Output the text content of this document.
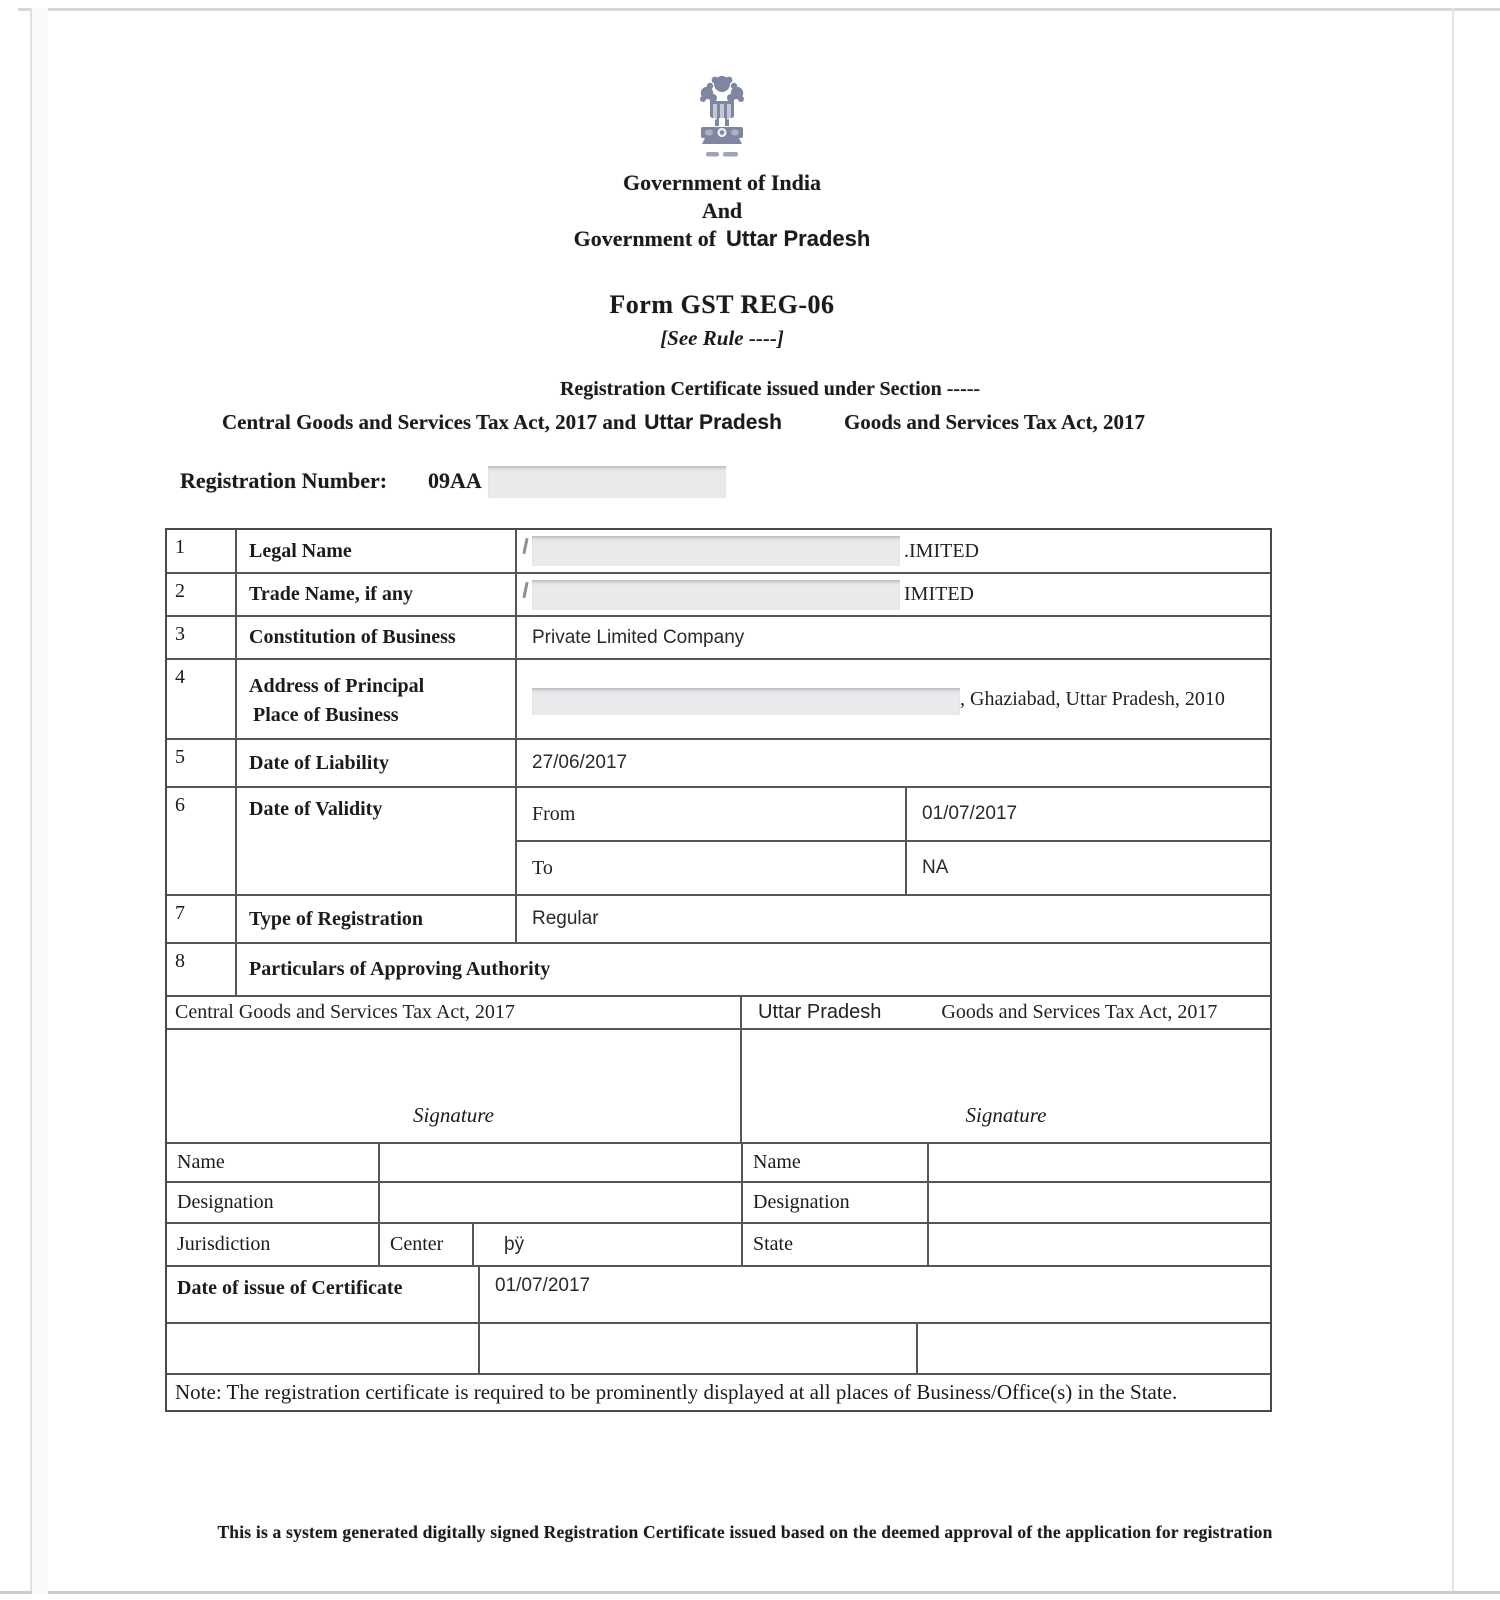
Government of India
And
Government of Uttar Pradesh
Form GST REG-06
[See Rule ----]
Registration Certificate issued under Section -----
Central Goods and Services Tax Act, 2017 and Uttar Pradesh	Goods and Services Tax Act, 2017
Registration Number: 09AA
1	Legal Name	.IMITED
2	Trade Name, if any	IMITED
3	Constitution of Business	Private Limited Company
4	Address of Principal
Place of Business
, Ghaziabad, Uttar Pradesh, 2010
5	Date of Liability	27/06/2017
6	Date of Validity	From	01/07/2017
To	NA
7	Type of Registration	Regular
8	Particulars of Approving Authority
Central Goods and Services Tax Act, 2017	Uttar Pradesh	Goods and Services Tax Act, 2017
Signature	Signature
Name	Name
Designation	Designation
Jurisdiction	Center	þÿ	State
Date of issue of Certificate	01/07/2017
Note: The registration certificate is required to be prominently displayed at all places of Business/Office(s) in the State.
This is a system generated digitally signed Registration Certificate issued based on the deemed approval of the application for registration
